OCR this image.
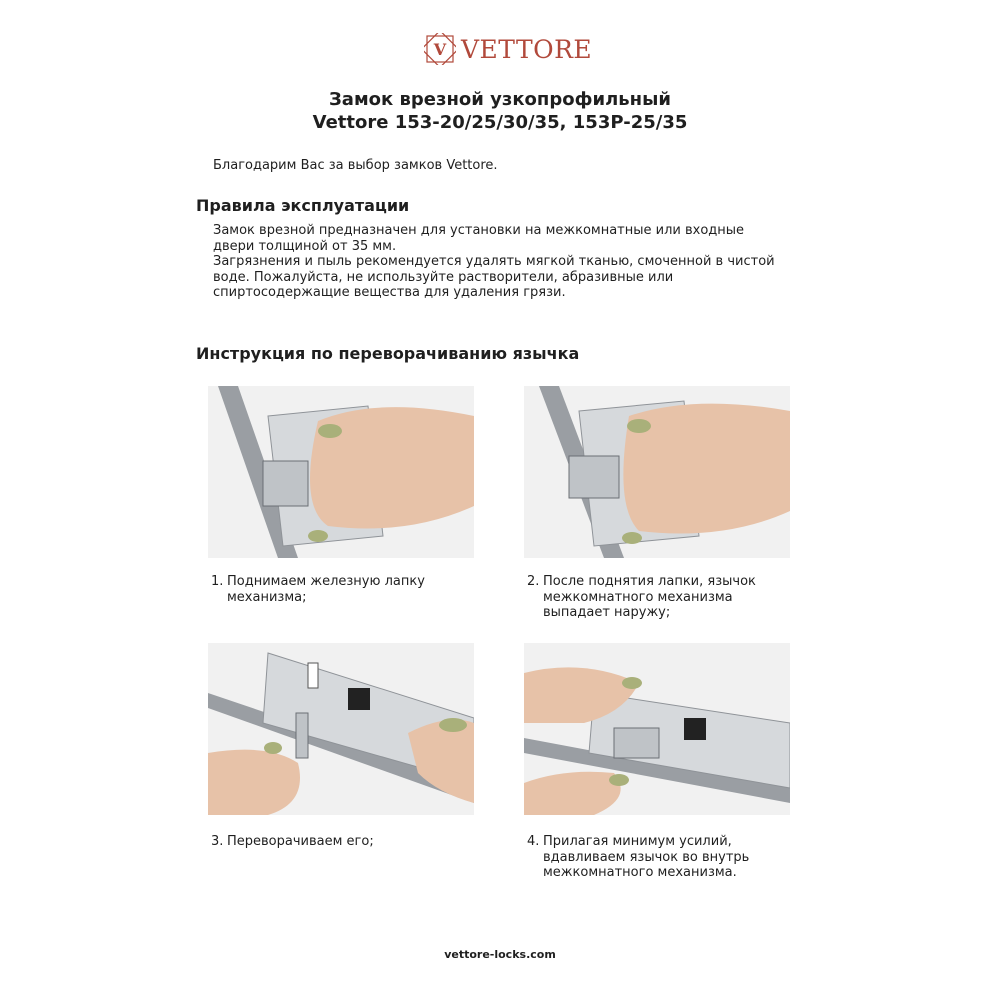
V VETTORE
Замок врезной узкопрофильный
Vettore 153-20/25/30/35, 153P-25/35
Благодарим Вас за выбор замков Vettore.
Правила эксплуатации
Замок врезной предназначен для установки на межкомнатные или входные
двери толщиной от 35 мм.
Загрязнения и пыль рекомендуется удалять мягкой тканью, смоченной в чистой
воде. Пожалуйста, не используйте растворители, абразивные или
спиртосодержащие вещества для удаления грязи.
Инструкция по переворачиванию язычка
1. Поднимаем железную лапку
механизма;
2. После поднятия лапки, язычок
межкомнатного механизма
выпадает наружу;
3. Переворачиваем его;	4. Прилагая минимум усилий,
вдавливаем язычок во внутрь
межкомнатного механизма.
vettore-locks.com
